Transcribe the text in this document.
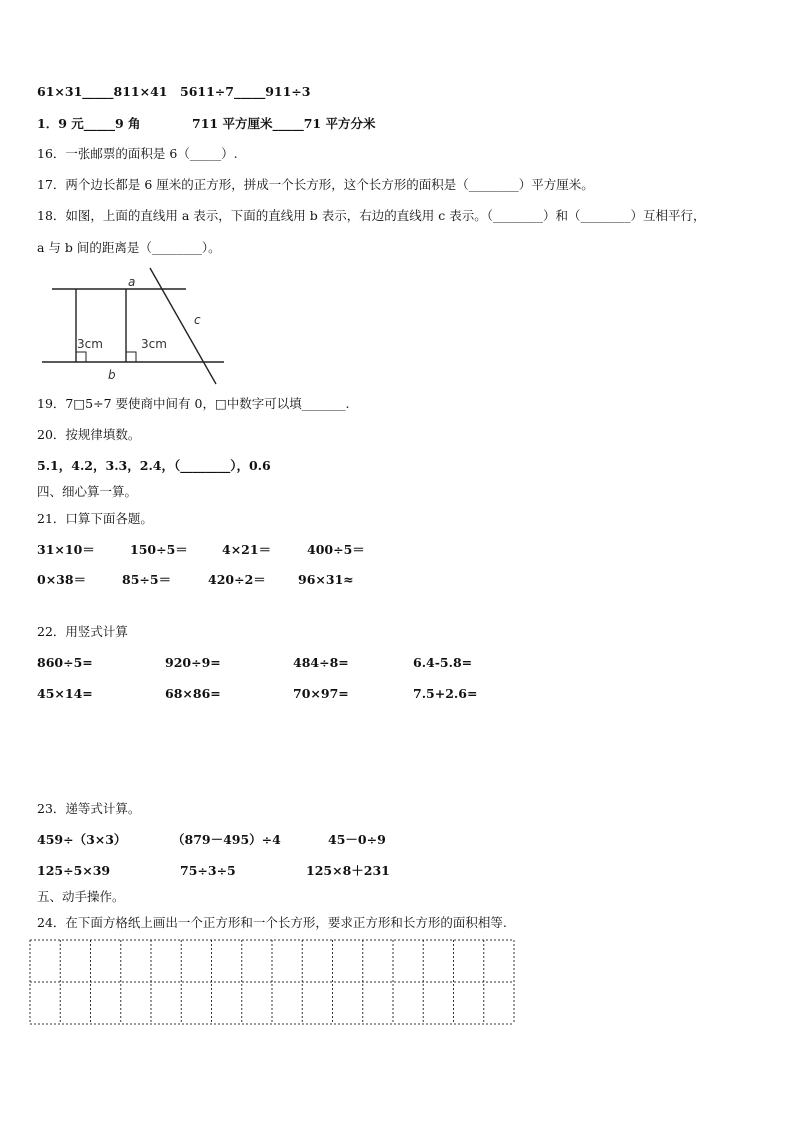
61×31_____811×41 5611÷7_____911÷3
1．9 元_____9 角	711 平方厘米_____71 平方分米
16．一张邮票的面积是 6（_____）.
17．两个边长都是 6 厘米的正方形，拼成一个长方形，这个长方形的面积是（________）平方厘米。
18．如图，上面的直线用 a 表示，下面的直线用 b 表示，右边的直线用 c 表示。（________）和（________）互相平行，
a 与 b 间的距离是（________）。
a
b
c
3cm	3cm
19．7□5÷7 要使商中间有 0，□中数字可以填_______.
20．按规律填数。
5.1，4.2，3.3，2.4，（________），0.6
四、细心算一算。
21．口算下面各题。
31×10＝	150÷5＝	4×21＝	400÷5＝
0×38＝	85÷5＝	420÷2＝	96×31≈
22．用竖式计算
860÷5=	920÷9=	484÷8=	6.4-5.8=
45×14=	68×86=	70×97=	7.5+2.6=
23．递等式计算。
459÷（3×3）	（879－495）÷4	45－0÷9
125÷5×39	75÷3÷5	125×8＋231
五、动手操作。
24．在下面方格纸上画出一个正方形和一个长方形，要求正方形和长方形的面积相等.
